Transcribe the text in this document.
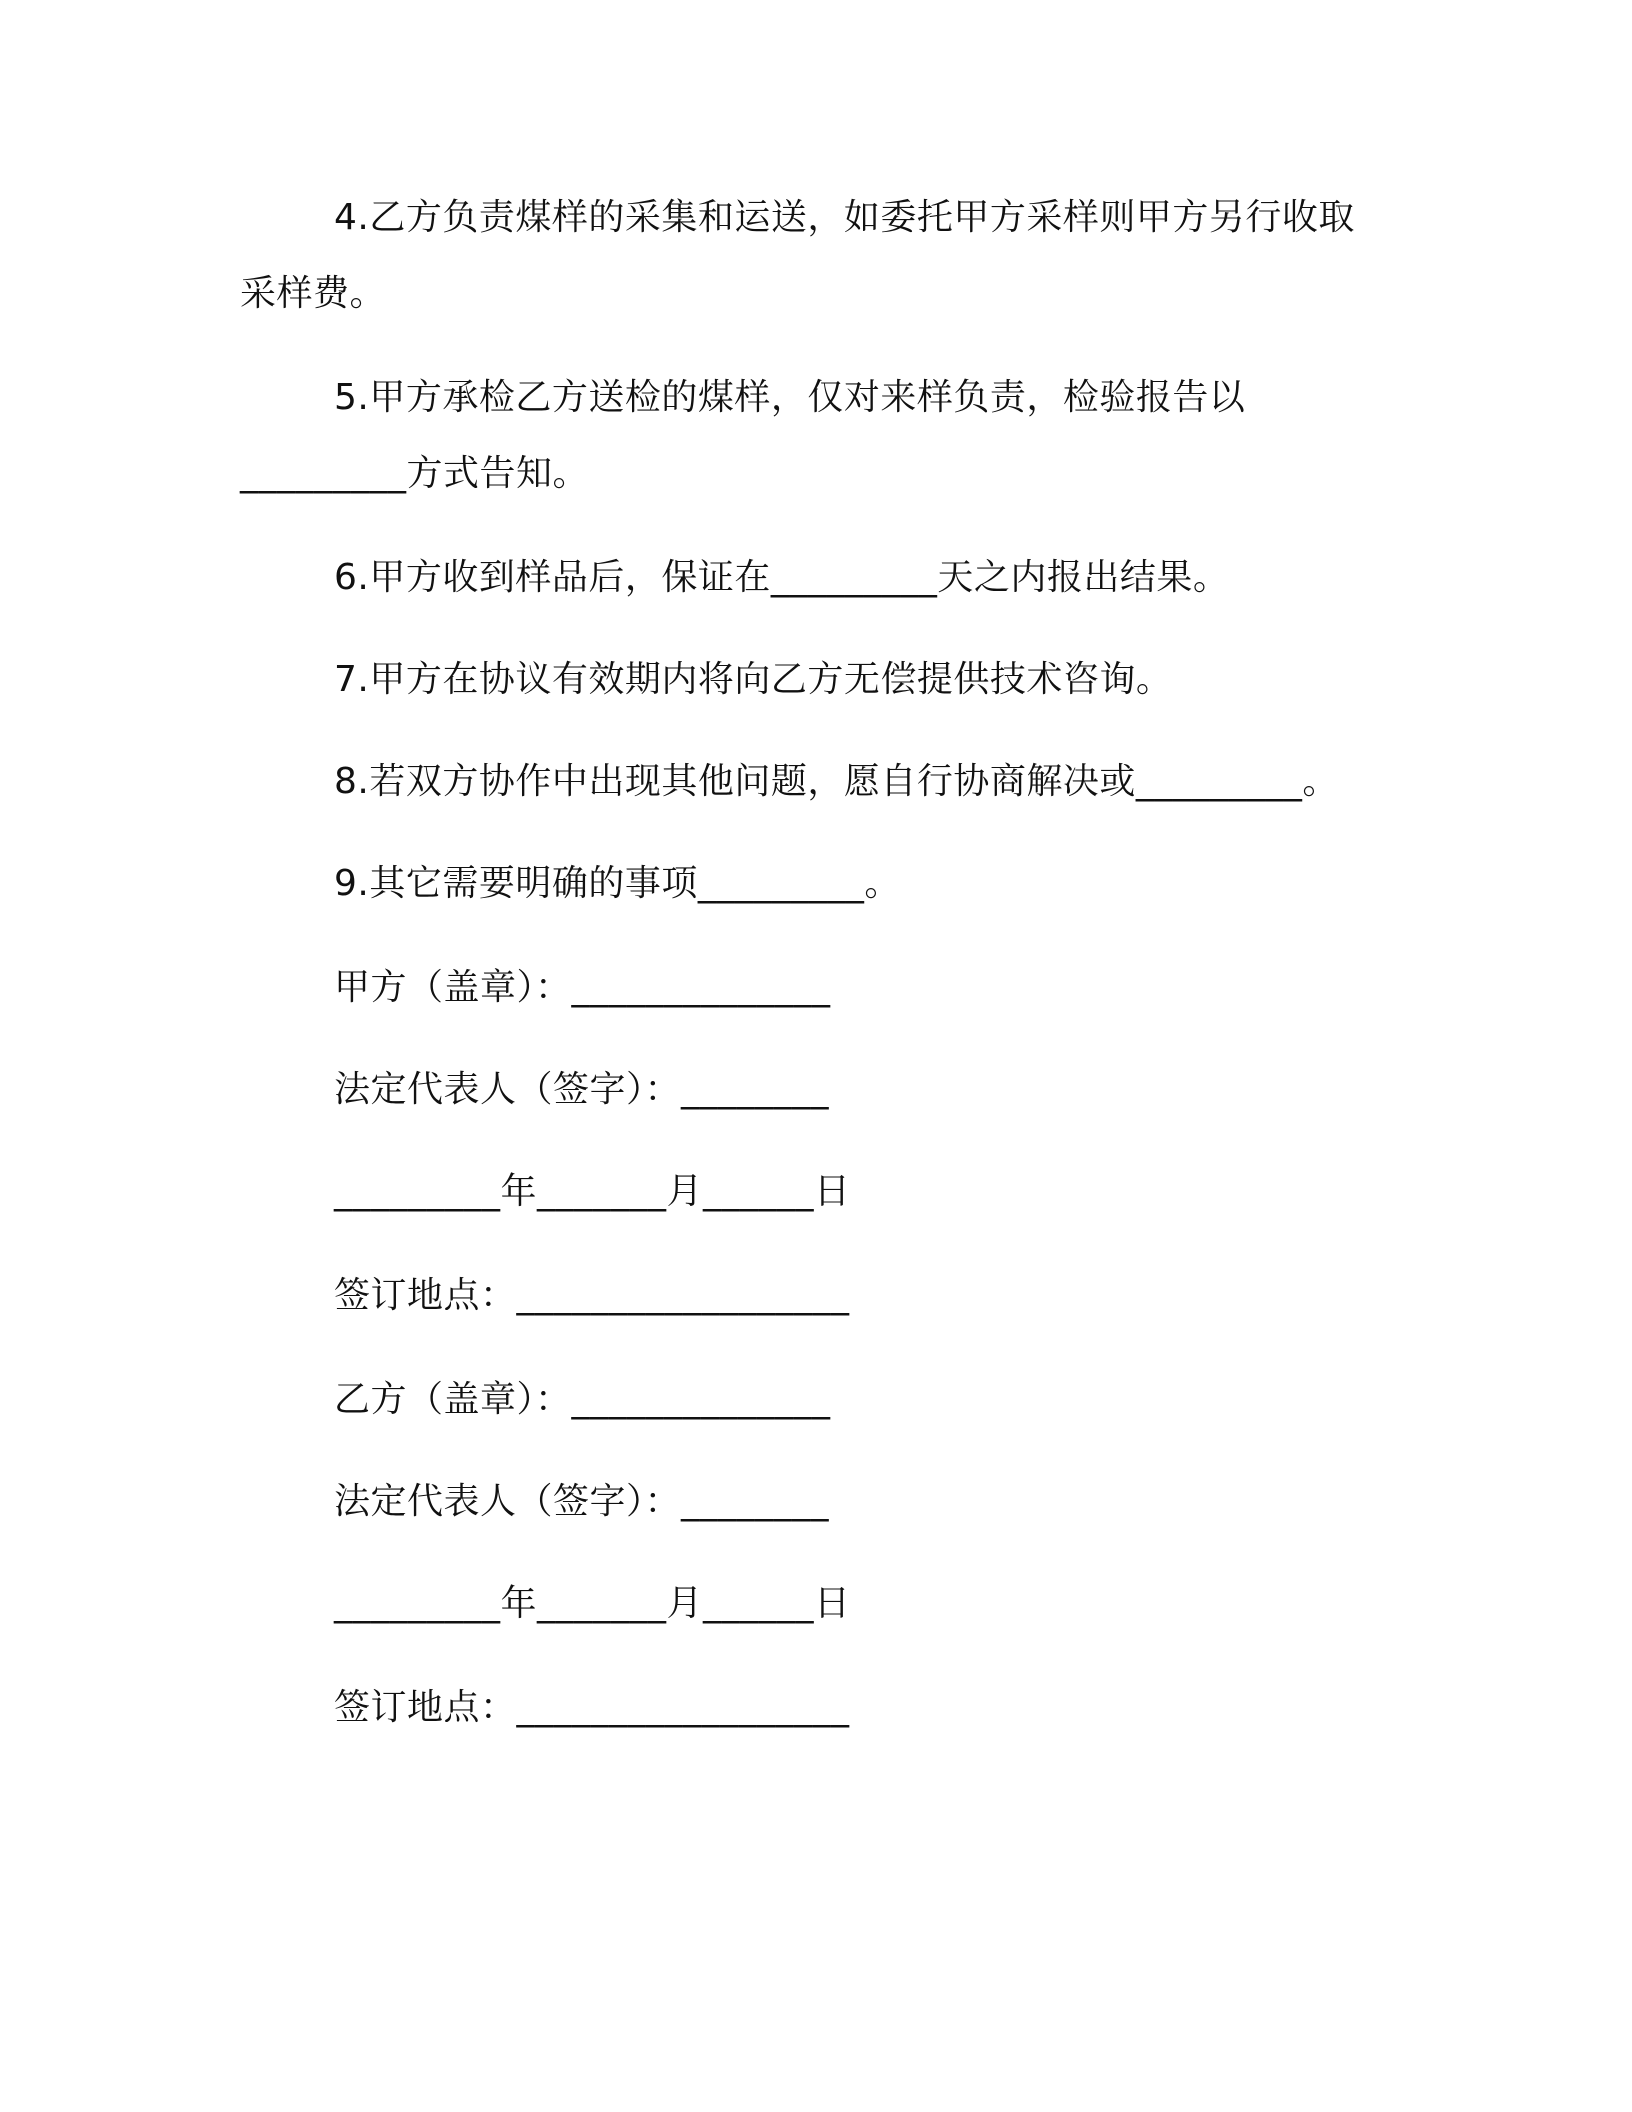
4.乙方负责煤样的采集和运送，如委托甲方采样则甲方另行收取
采样费。
5.甲方承检乙方送检的煤样，仅对来样负责，检验报告以
_________方式告知。
6.甲方收到样品后，保证在_________天之内报出结果。
7.甲方在协议有效期内将向乙方无偿提供技术咨询。
8.若双方协作中出现其他问题，愿自行协商解决或_________。
9.其它需要明确的事项_________。
甲方（盖章）：______________
法定代表人（签字）：________
_________年_______月______日
签订地点：__________________
乙方（盖章）：______________
法定代表人（签字）：________
_________年_______月______日
签订地点：__________________
